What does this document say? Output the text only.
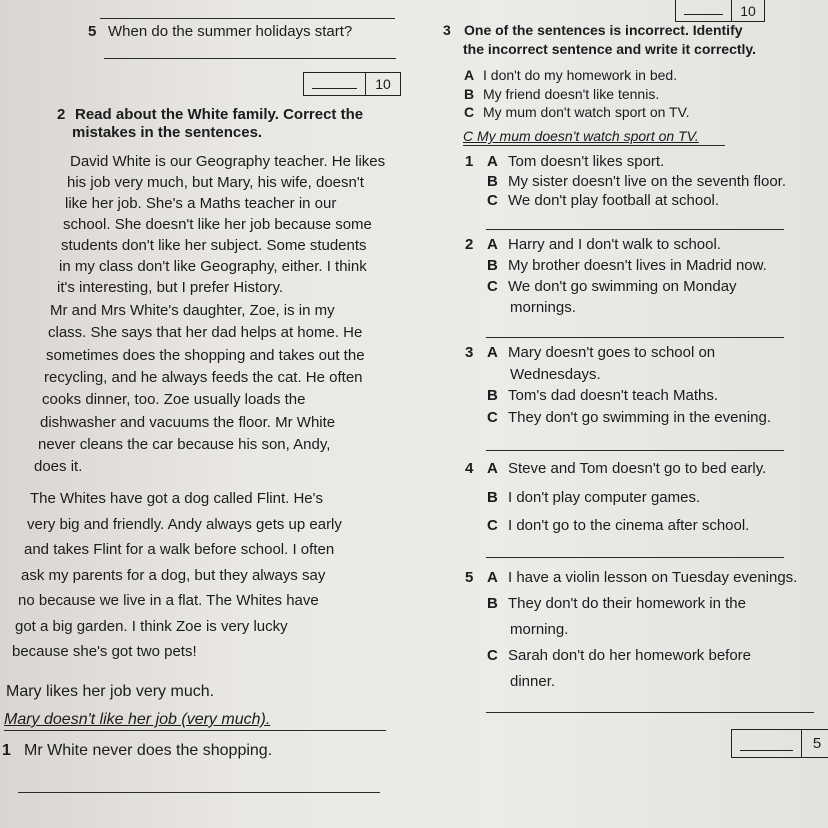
5 When do the summer holidays start?
10
2 Read about the White family. Correct the
mistakes in the sentences.
David White is our Geography teacher. He likes
his job very much, but Mary, his wife, doesn't
like her job. She's a Maths teacher in our
school. She doesn't like her job because some
students don't like her subject. Some students
in my class don't like Geography, either. I think
it's interesting, but I prefer History.
Mr and Mrs White's daughter, Zoe, is in my
class. She says that her dad helps at home. He
sometimes does the shopping and takes out the
recycling, and he always feeds the cat. He often
cooks dinner, too. Zoe usually loads the
dishwasher and vacuums the floor. Mr White
never cleans the car because his son, Andy,
does it.
The Whites have got a dog called Flint. He's
very big and friendly. Andy always gets up early
and takes Flint for a walk before school. I often
ask my parents for a dog, but they always say
no because we live in a flat. The Whites have
got a big garden. I think Zoe is very lucky
because she's got two pets!
Mary likes her job very much.
Mary doesn't like her job (very much).
1 Mr White never does the shopping.
10
3 One of the sentences is incorrect. Identify
the incorrect sentence and write it correctly.
A I don't do my homework in bed.
B My friend doesn't like tennis.
C My mum don't watch sport on TV.
C My mum doesn't watch sport on TV.
1 A Tom doesn't likes sport.
B My sister doesn't live on the seventh floor.
C We don't play football at school.
2 A Harry and I don't walk to school.
B My brother doesn't lives in Madrid now.
C We don't go swimming on Monday
mornings.
3 A Mary doesn't goes to school on
Wednesdays.
B Tom's dad doesn't teach Maths.
C They don't go swimming in the evening.
4 A Steve and Tom doesn't go to bed early.
B I don't play computer games.
C I don't go to the cinema after school.
5 A I have a violin lesson on Tuesday evenings.
B They don't do their homework in the
morning.
C Sarah don't do her homework before
dinner.
5
